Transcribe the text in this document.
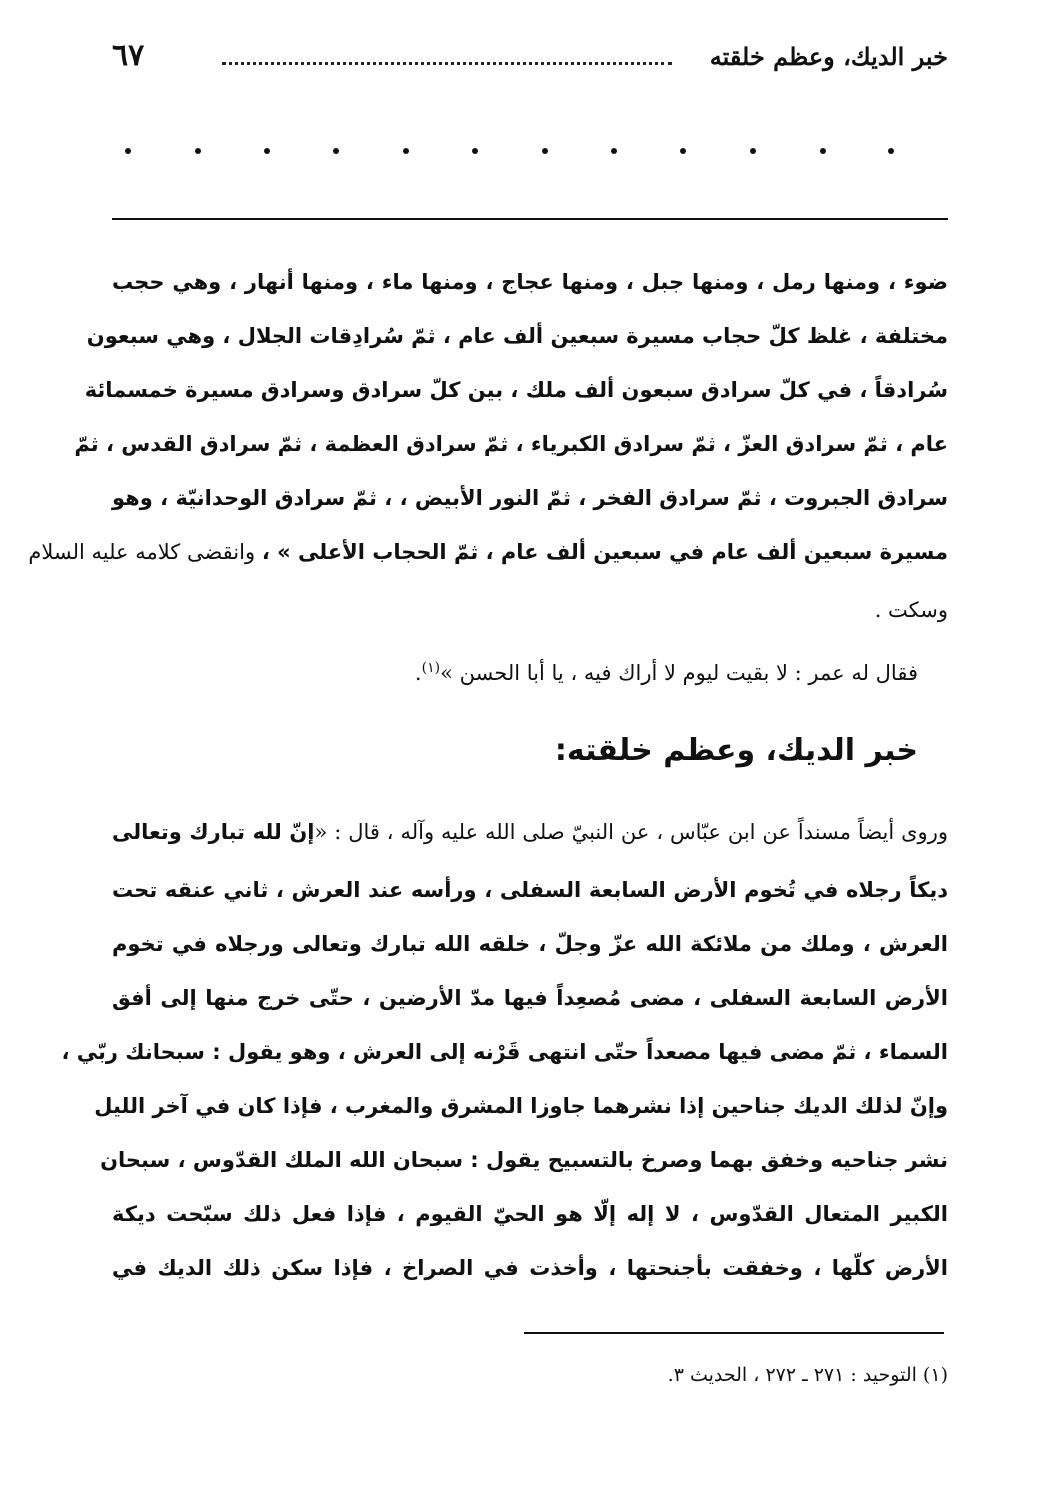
خبر الديك، وعظم خلقته
٦٧
ضوء ، ومنها رمل ، ومنها جبل ، ومنها عجاج ، ومنها ماء ، ومنها أنهار ، وهي حجب
مختلفة ، غلظ كلّ حجاب مسيرة سبعين ألف عام ، ثمّ سُرادِقات الجلال ، وهي سبعون
سُرادقاً ، في كلّ سرادق سبعون ألف ملك ، بين كلّ سرادق وسرادق مسيرة خمسمائة
عام ، ثمّ سرادق العزّ ، ثمّ سرادق الكبرياء ، ثمّ سرادق العظمة ، ثمّ سرادق القدس ، ثمّ
سرادق الجبروت ، ثمّ سرادق الفخر ، ثمّ النور الأبيض ، ، ثمّ سرادق الوحدانيّة ، وهو
مسيرة سبعين ألف عام في سبعين ألف عام ، ثمّ الحجاب الأعلى » ، وانقضى كلامه عليه السلام
وسكت .
فقال له عمر : لا بقيت ليوم لا أراك فيه ، يا أبا الحسن »$^{(١)}$.
خبر الديك، وعظم خلقته:
وروى أيضاً مسنداً عن ابن عبّاس ، عن النبيّ صلى الله عليه وآله ، قال : «إنّ لله تبارك وتعالى
ديكاً رجلاه في تُخوم الأرض السابعة السفلى ، ورأسه عند العرش ، ثاني عنقه تحت
العرش ، وملك من ملائكة الله عزّ وجلّ ، خلقه الله تبارك وتعالى ورجلاه في تخوم
الأرض السابعة السفلى ، مضى مُصعِداً فيها مدّ الأرضين ، حتّى خرج منها إلى أفق
السماء ، ثمّ مضى فيها مصعداً حتّى انتهى قَرْنه إلى العرش ، وهو يقول : سبحانك ربّي ،
وإنّ لذلك الديك جناحين إذا نشرهما جاوزا المشرق والمغرب ، فإذا كان في آخر الليل
نشر جناحيه وخفق بهما وصرخ بالتسبيح يقول : سبحان الله الملك القدّوس ، سبحان
الكبير المتعال القدّوس ، لا إله إلّا هو الحيّ القيوم ، فإذا فعل ذلك سبّحت ديكة
الأرض كلّها ، وخفقت بأجنحتها ، وأخذت في الصراخ ، فإذا سكن ذلك الديك في
(١) التوحيد : ٢٧١ ـ ٢٧٢ ، الحديث ٣.
